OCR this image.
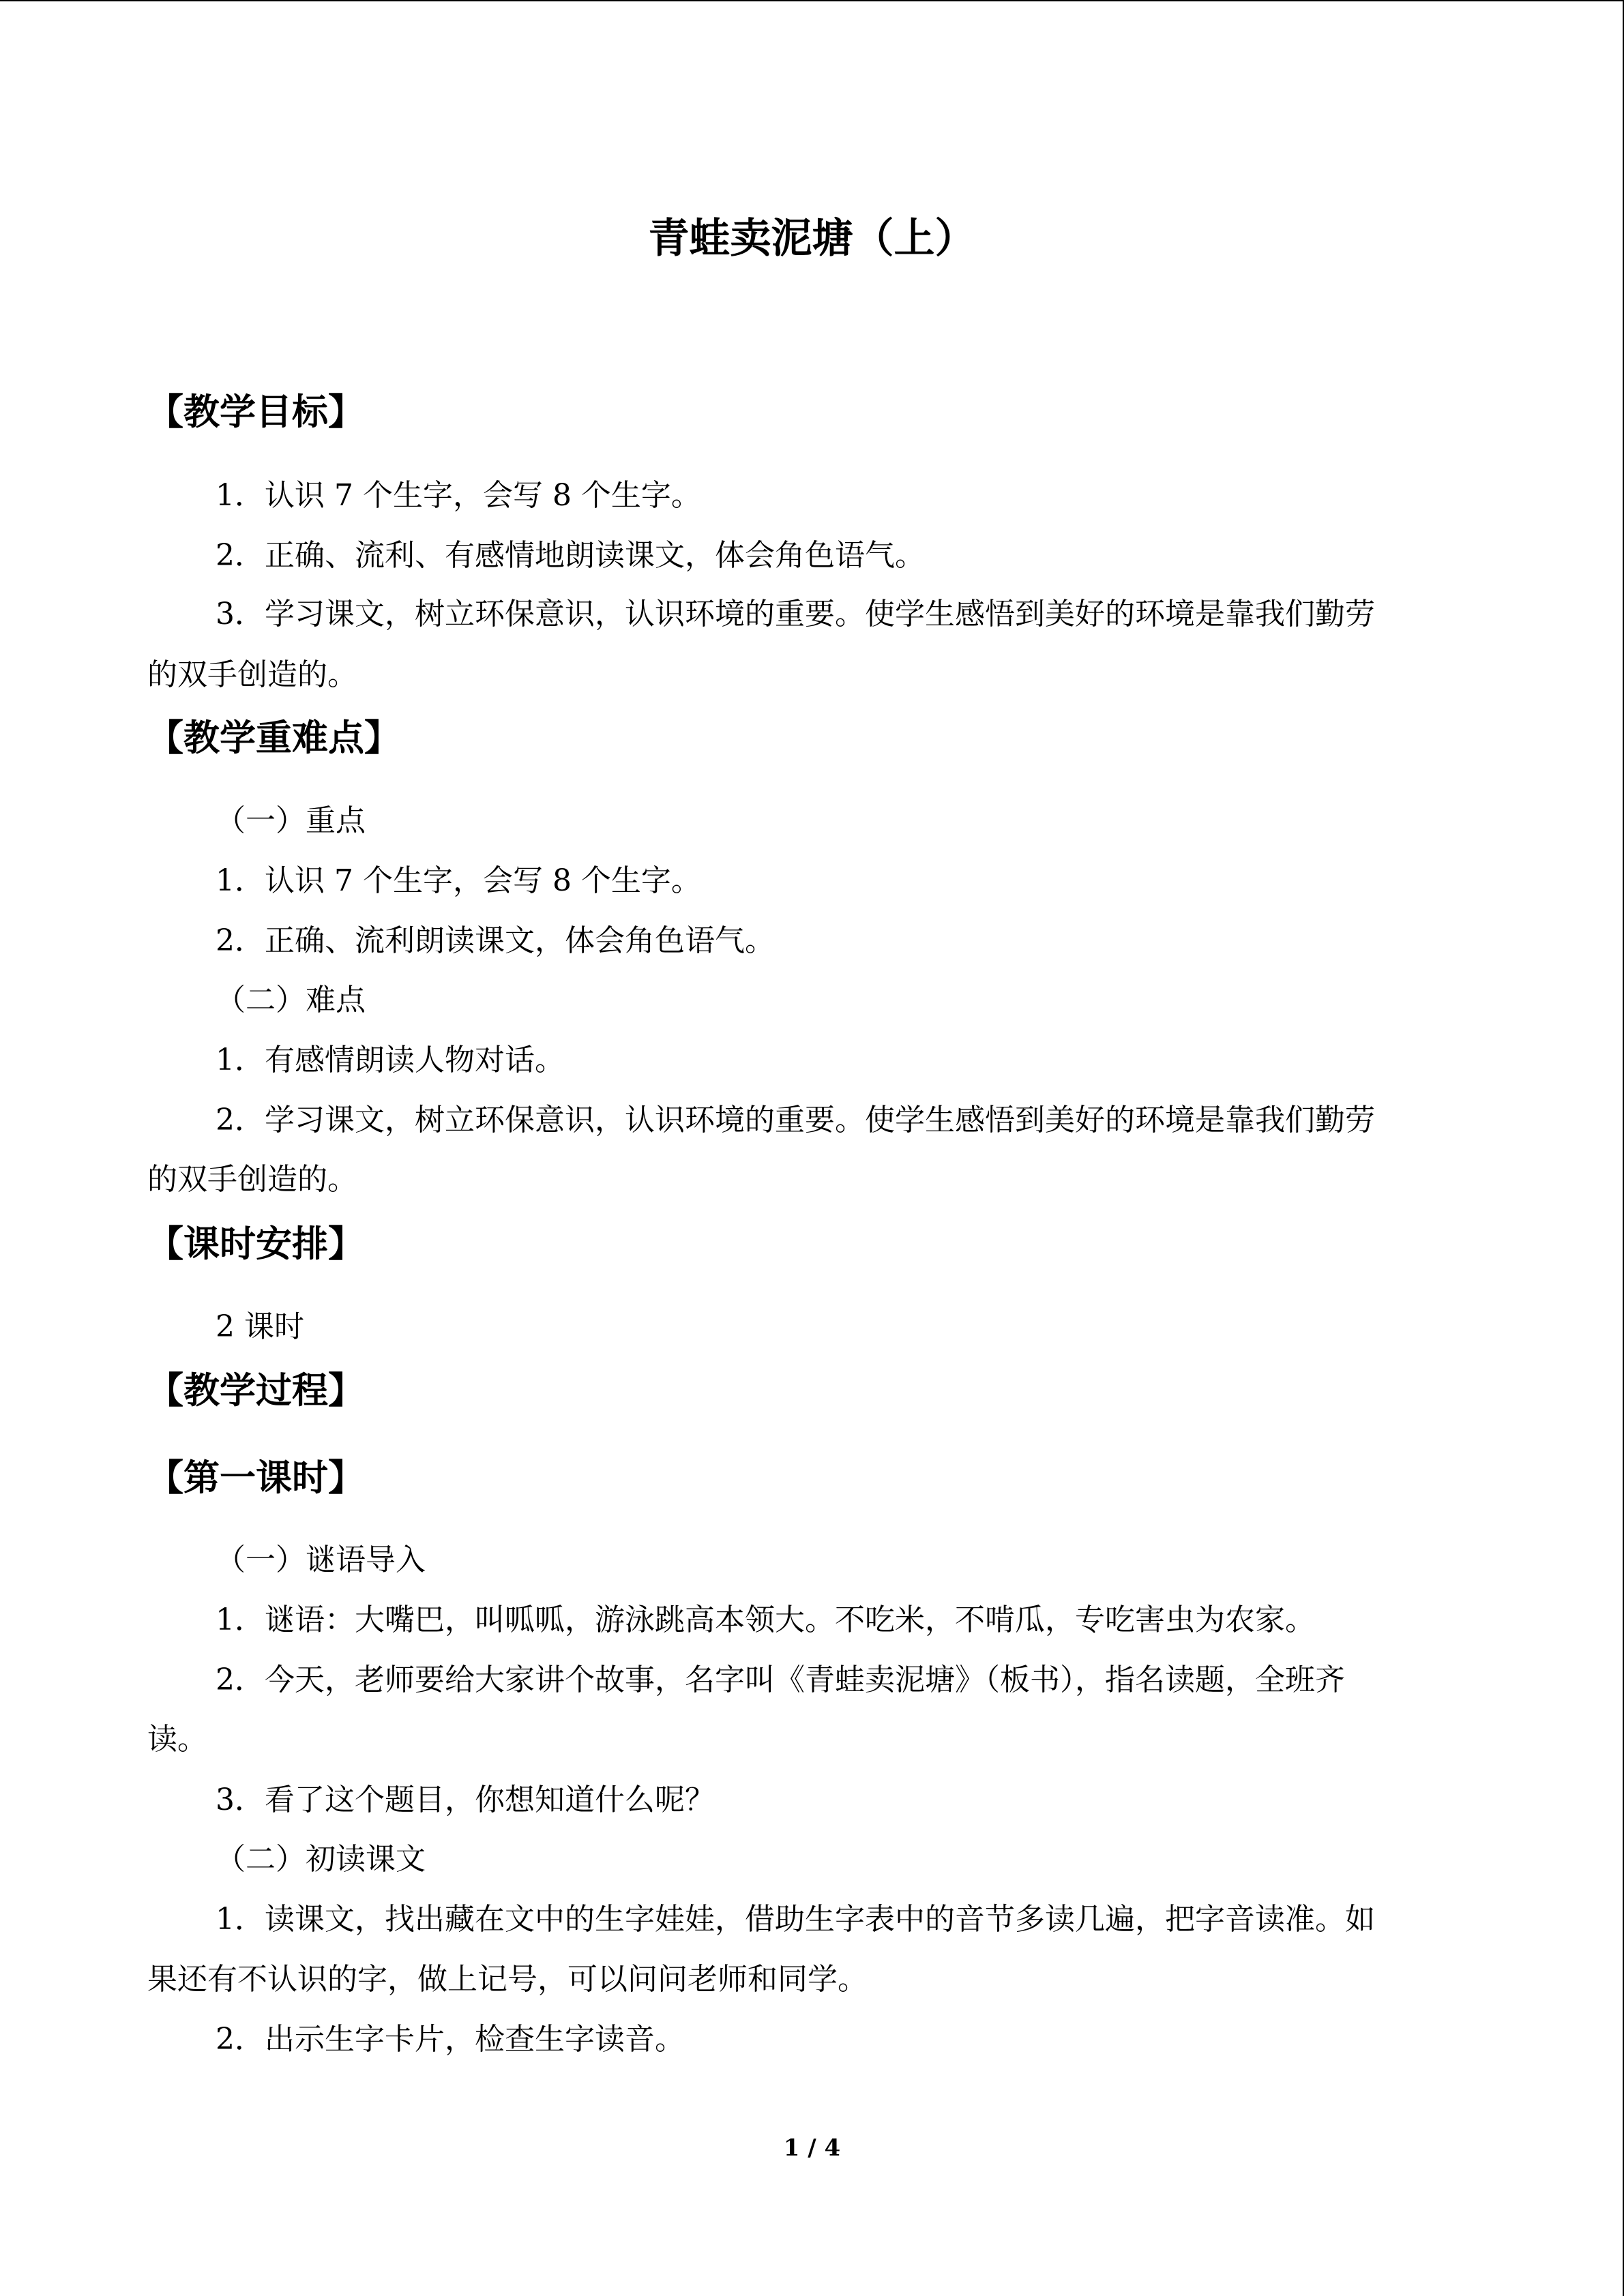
青蛙卖泥塘（上）
【教学目标】
1．认识 7 个生字，会写 8 个生字。
2．正确、流利、有感情地朗读课文，体会角色语气。
3．学习课文，树立环保意识，认识环境的重要。使学生感悟到美好的环境是靠我们勤劳
的双手创造的。
【教学重难点】
（一）重点
1．认识 7 个生字，会写 8 个生字。
2．正确、流利朗读课文，体会角色语气。
（二）难点
1．有感情朗读人物对话。
2．学习课文，树立环保意识，认识环境的重要。使学生感悟到美好的环境是靠我们勤劳
的双手创造的。
【课时安排】
2 课时
【教学过程】
【第一课时】
（一）谜语导入
1．谜语：大嘴巴，叫呱呱，游泳跳高本领大。不吃米，不啃瓜，专吃害虫为农家。
2．今天，老师要给大家讲个故事，名字叫《青蛙卖泥塘》（板书），指名读题，全班齐
读。
3．看了这个题目，你想知道什么呢？
（二）初读课文
1．读课文，找出藏在文中的生字娃娃，借助生字表中的音节多读几遍，把字音读准。如
果还有不认识的字，做上记号，可以问问老师和同学。
2．出示生字卡片，检查生字读音。
1 / 4
